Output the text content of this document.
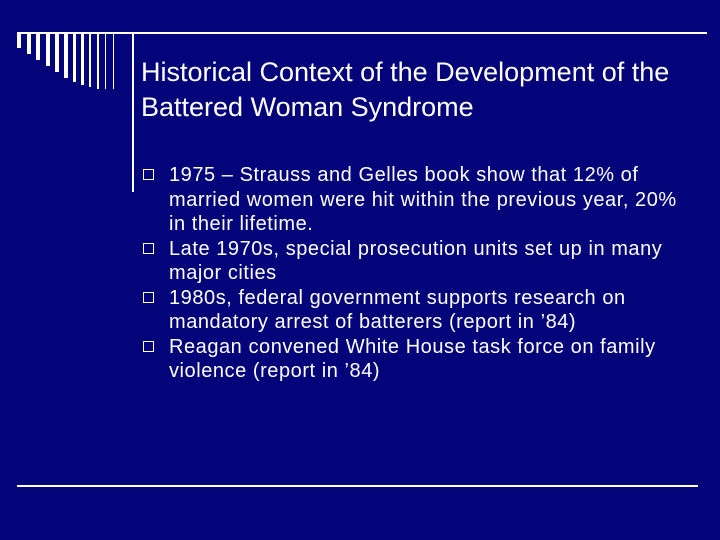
Historical Context of the Development of the Battered Woman Syndrome
1975 – Strauss and Gelles book show that 12% of married women were hit within the previous year, 20% in their lifetime.
Late 1970s, special prosecution units set up in many major cities
1980s, federal government supports research on mandatory arrest of batterers (report in ’84)
Reagan convened White House task force on family violence (report in ’84)
